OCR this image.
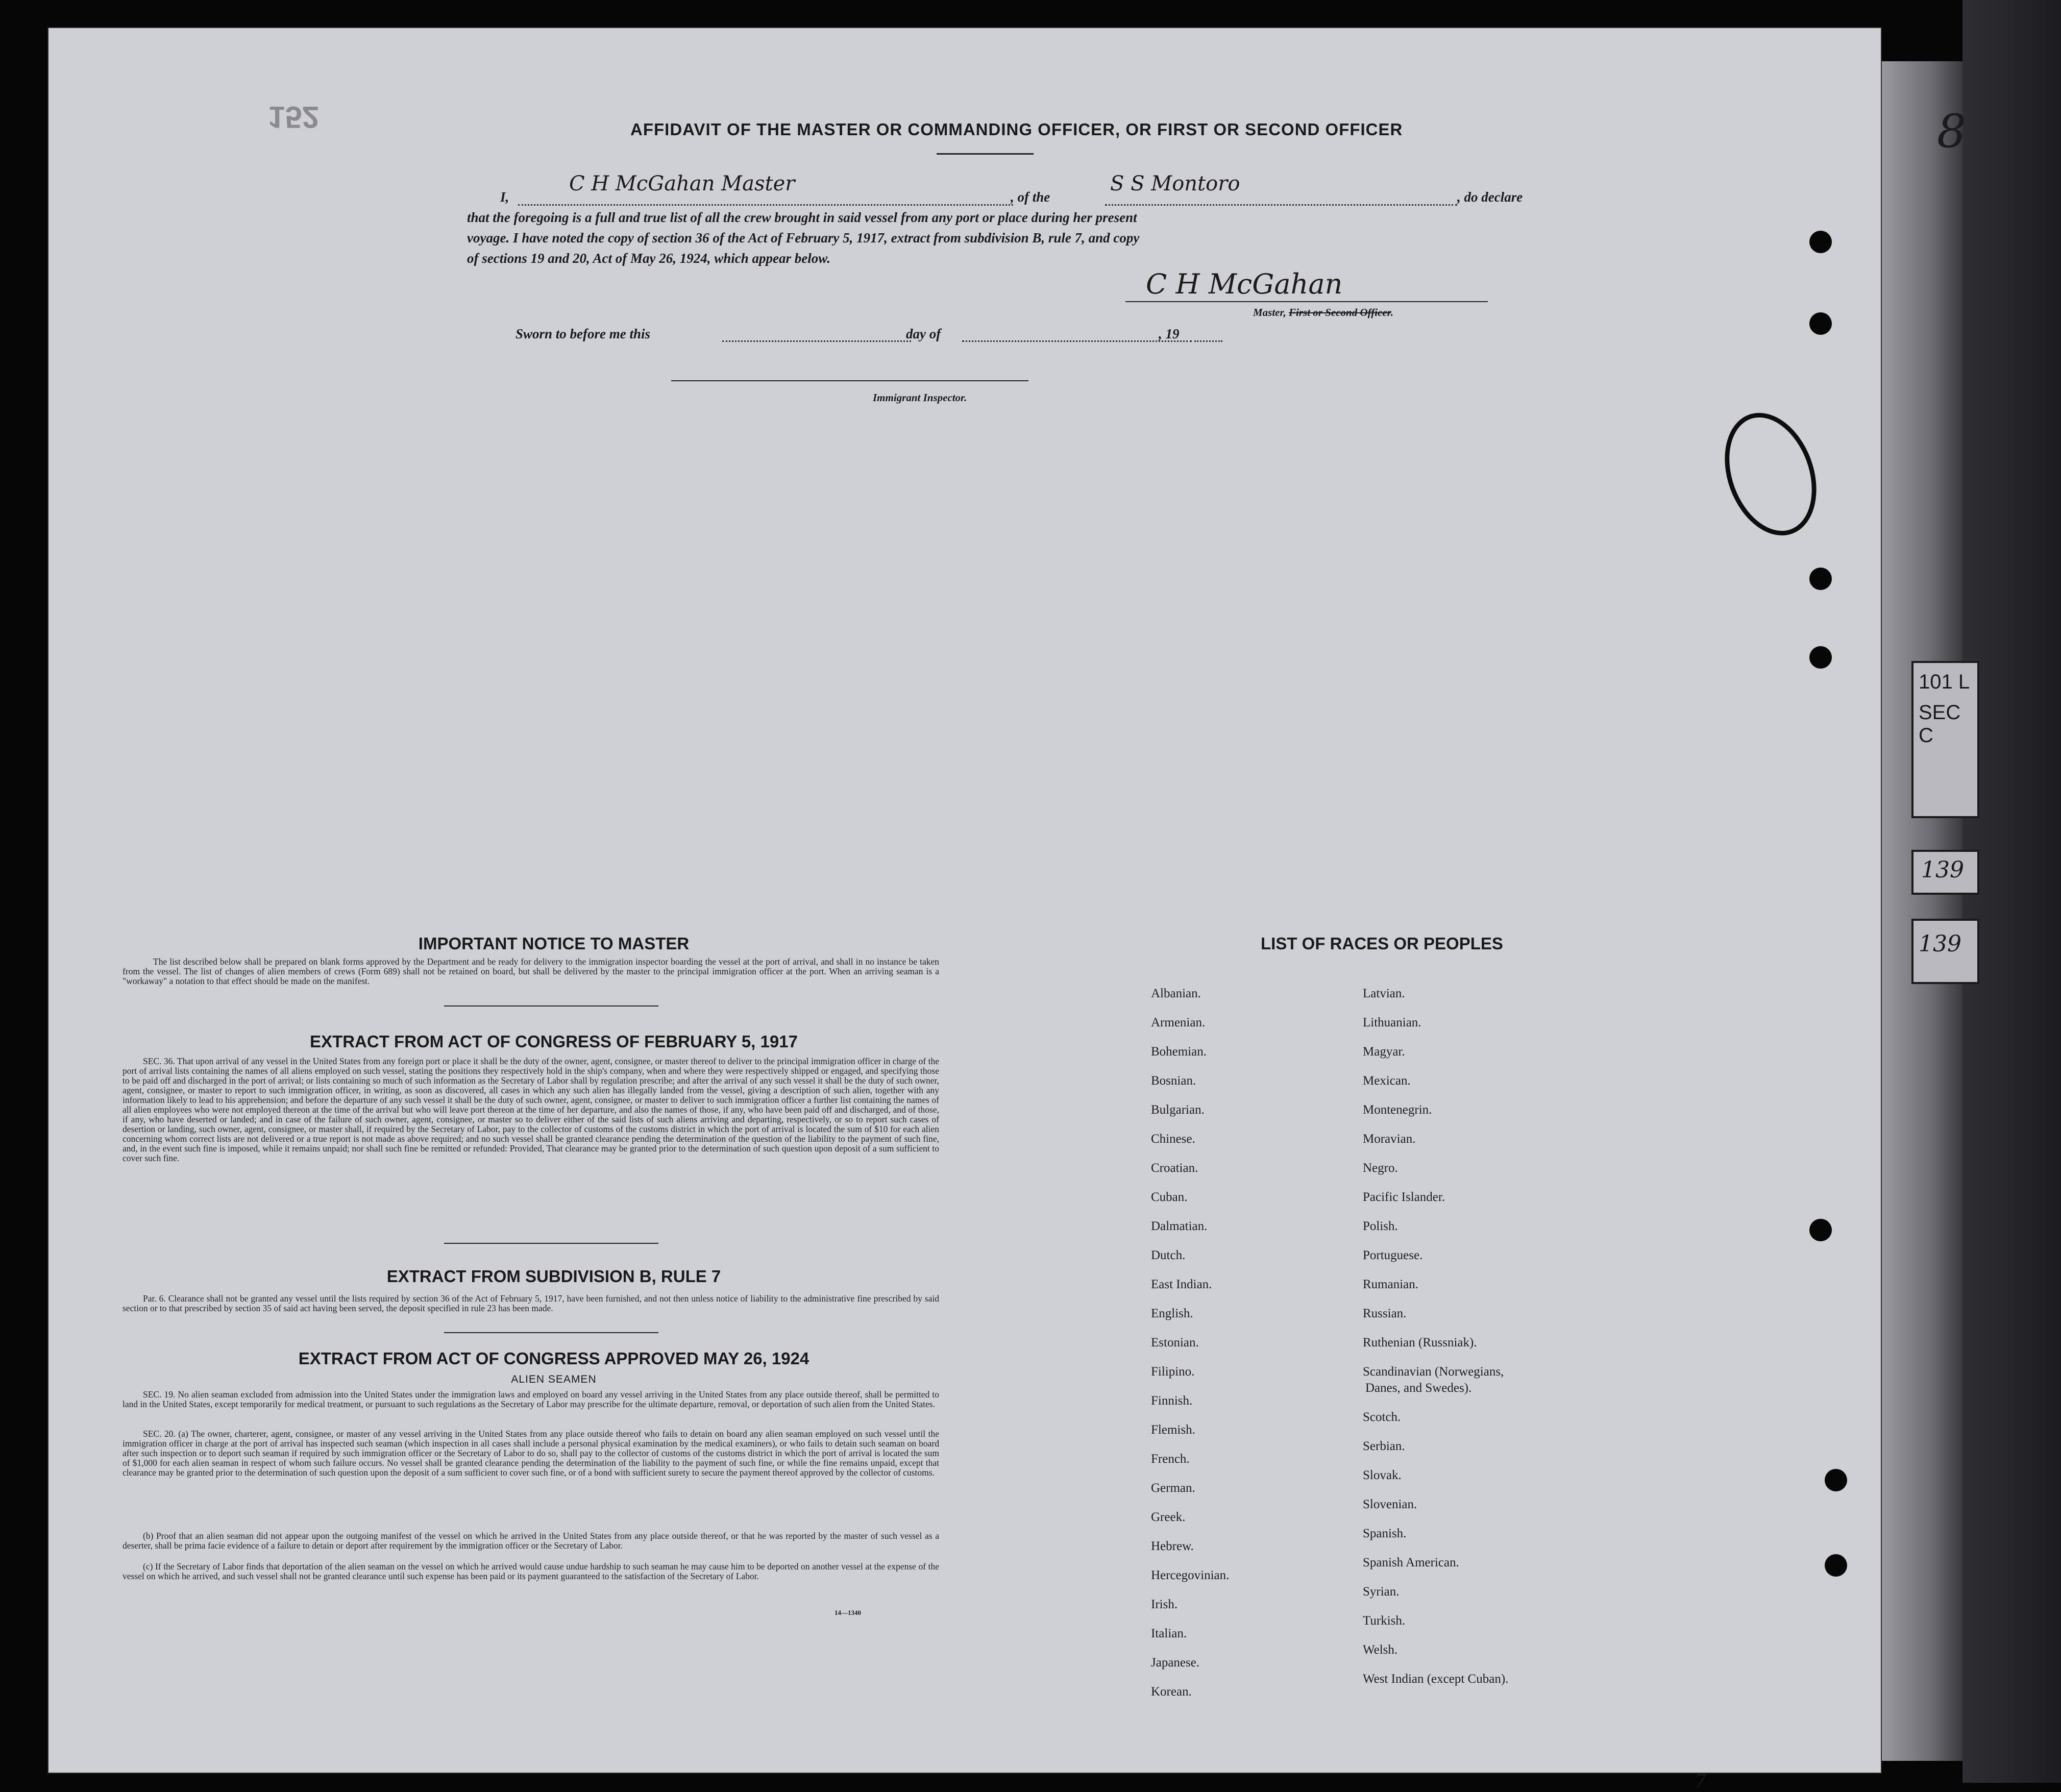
152	AFFIDAVIT OF THE MASTER OR COMMANDING OFFICER, OR FIRST OR SECOND OFFICER
I,
C H McGahan Master
, of the
S S Montoro
, do declare
that the foregoing is a full and true list of all the crew brought in said vessel from any port or place during her present
voyage. I have noted the copy of section 36 of the Act of February 5, 1917, extract from subdivision B, rule 7, and copy
of sections 19 and 20, Act of May 26, 1924, which appear below.
C H McGahan
Master, First or Second Officer.
Sworn to before me this	day of	, 19
Immigrant Inspector.
IMPORTANT NOTICE TO MASTER
The list described below shall be prepared on blank forms approved by the Department and be ready for delivery to the immigration inspector boarding the vessel at the port of arrival, and shall in no instance be taken from the vessel. The list of changes of alien members of crews (Form 689) shall not be retained on board, but shall be delivered by the master to the principal immigration officer at the port. When an arriving seaman is a "workaway" a notation to that effect should be made on the manifest.
EXTRACT FROM ACT OF CONGRESS OF FEBRUARY 5, 1917
SEC. 36. That upon arrival of any vessel in the United States from any foreign port or place it shall be the duty of the owner, agent, consignee, or master thereof to deliver to the principal immigration officer in charge of the port of arrival lists containing the names of all aliens employed on such vessel, stating the positions they respectively hold in the ship's company, when and where they were respectively shipped or engaged, and specifying those to be paid off and discharged in the port of arrival; or lists containing so much of such information as the Secretary of Labor shall by regulation prescribe; and after the arrival of any such vessel it shall be the duty of such owner, agent, consignee, or master to report to such immigration officer, in writing, as soon as discovered, all cases in which any such alien has illegally landed from the vessel, giving a description of such alien, together with any information likely to lead to his apprehension; and before the departure of any such vessel it shall be the duty of such owner, agent, consignee, or master to deliver to such immigration officer a further list containing the names of all alien employees who were not employed thereon at the time of the arrival but who will leave port thereon at the time of her departure, and also the names of those, if any, who have been paid off and discharged, and of those, if any, who have deserted or landed; and in case of the failure of such owner, agent, consignee, or master so to deliver either of the said lists of such aliens arriving and departing, respectively, or so to report such cases of desertion or landing, such owner, agent, consignee, or master shall, if required by the Secretary of Labor, pay to the collector of customs of the customs district in which the port of arrival is located the sum of $10 for each alien concerning whom correct lists are not delivered or a true report is not made as above required; and no such vessel shall be granted clearance pending the determination of the question of the liability to the payment of such fine, and, in the event such fine is imposed, while it remains unpaid; nor shall such fine be remitted or refunded: Provided, That clearance may be granted prior to the determination of such question upon deposit of a sum sufficient to cover such fine.
EXTRACT FROM SUBDIVISION B, RULE 7
Par. 6. Clearance shall not be granted any vessel until the lists required by section 36 of the Act of February 5, 1917, have been furnished, and not then unless notice of liability to the administrative fine prescribed by said section or to that prescribed by section 35 of said act having been served, the deposit specified in rule 23 has been made.
EXTRACT FROM ACT OF CONGRESS APPROVED MAY 26, 1924
ALIEN SEAMEN
SEC. 19. No alien seaman excluded from admission into the United States under the immigration laws and employed on board any vessel arriving in the United States from any place outside thereof, shall be permitted to land in the United States, except temporarily for medical treatment, or pursuant to such regulations as the Secretary of Labor may prescribe for the ultimate departure, removal, or deportation of such alien from the United States.
SEC. 20. (a) The owner, charterer, agent, consignee, or master of any vessel arriving in the United States from any place outside thereof who fails to detain on board any alien seaman employed on such vessel until the immigration officer in charge at the port of arrival has inspected such seaman (which inspection in all cases shall include a personal physical examination by the medical examiners), or who fails to detain such seaman on board after such inspection or to deport such seaman if required by such immigration officer or the Secretary of Labor to do so, shall pay to the collector of customs of the customs district in which the port of arrival is located the sum of $1,000 for each alien seaman in respect of whom such failure occurs. No vessel shall be granted clearance pending the determination of the liability to the payment of such fine, or while the fine remains unpaid, except that clearance may be granted prior to the determination of such question upon the deposit of a sum sufficient to cover such fine, or of a bond with sufficient surety to secure the payment thereof approved by the collector of customs.
(b) Proof that an alien seaman did not appear upon the outgoing manifest of the vessel on which he arrived in the United States from any place outside thereof, or that he was reported by the master of such vessel as a deserter, shall be prima facie evidence of a failure to detain or deport after requirement by the immigration officer or the Secretary of Labor.
(c) If the Secretary of Labor finds that deportation of the alien seaman on the vessel on which he arrived would cause undue hardship to such seaman he may cause him to be deported on another vessel at the expense of the vessel on which he arrived, and such vessel shall not be granted clearance until such expense has been paid or its payment guaranteed to the satisfaction of the Secretary of Labor.
14—1340
LIST OF RACES OR PEOPLES
Albanian.
Armenian.
Bohemian.
Bosnian.
Bulgarian.
Chinese.
Croatian.
Cuban.
Dalmatian.
Dutch.
East Indian.
English.
Estonian.
Filipino.
Finnish.
Flemish.
French.
German.
Greek.
Hebrew.
Hercegovinian.
Irish.
Italian.
Japanese.
Korean.
Latvian.
Lithuanian.
Magyar.
Mexican.
Montenegrin.
Moravian.
Negro.
Pacific Islander.
Polish.
Portuguese.
Rumanian.
Russian.
Ruthenian (Russniak).
Scandinavian (Norwegians,
Danes, and Swedes).
Scotch.
Serbian.
Slovak.
Slovenian.
Spanish.
Spanish American.
Syrian.
Turkish.
Welsh.
West Indian (except Cuban).
8
7
101 L
SEC C
139
139
